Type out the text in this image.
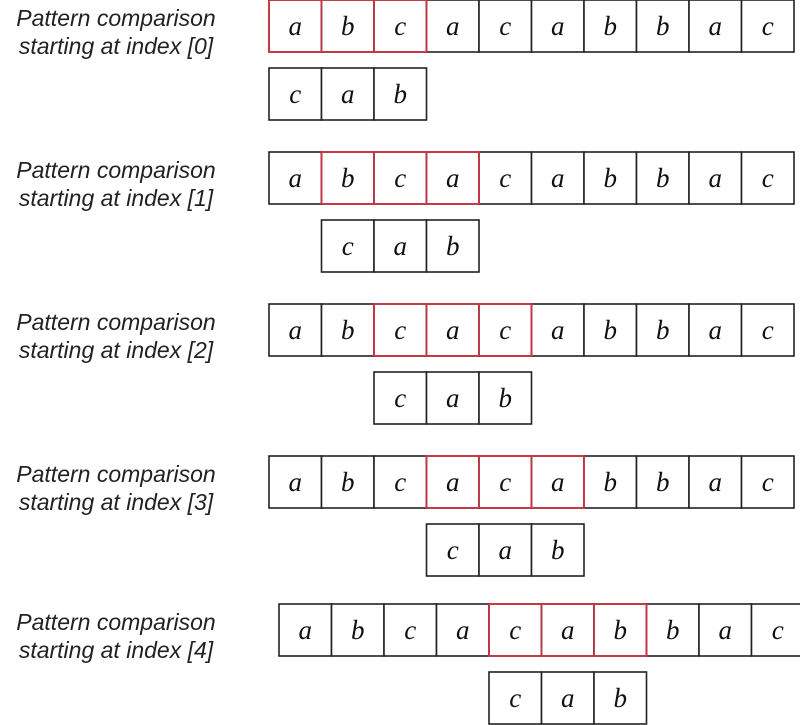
Pattern comparison
starting at index [0]
a b c a c a b b a c
c a b
Pattern comparison
starting at index [1]
a b c a c a b b a c
c a b
Pattern comparison
starting at index [2]
a b c a c a b b a c
c a b
Pattern comparison
starting at index [3]
a b c a c a b b a c
c a b
Pattern comparison
starting at index [4]
a b c a c a b b a c
c a b
